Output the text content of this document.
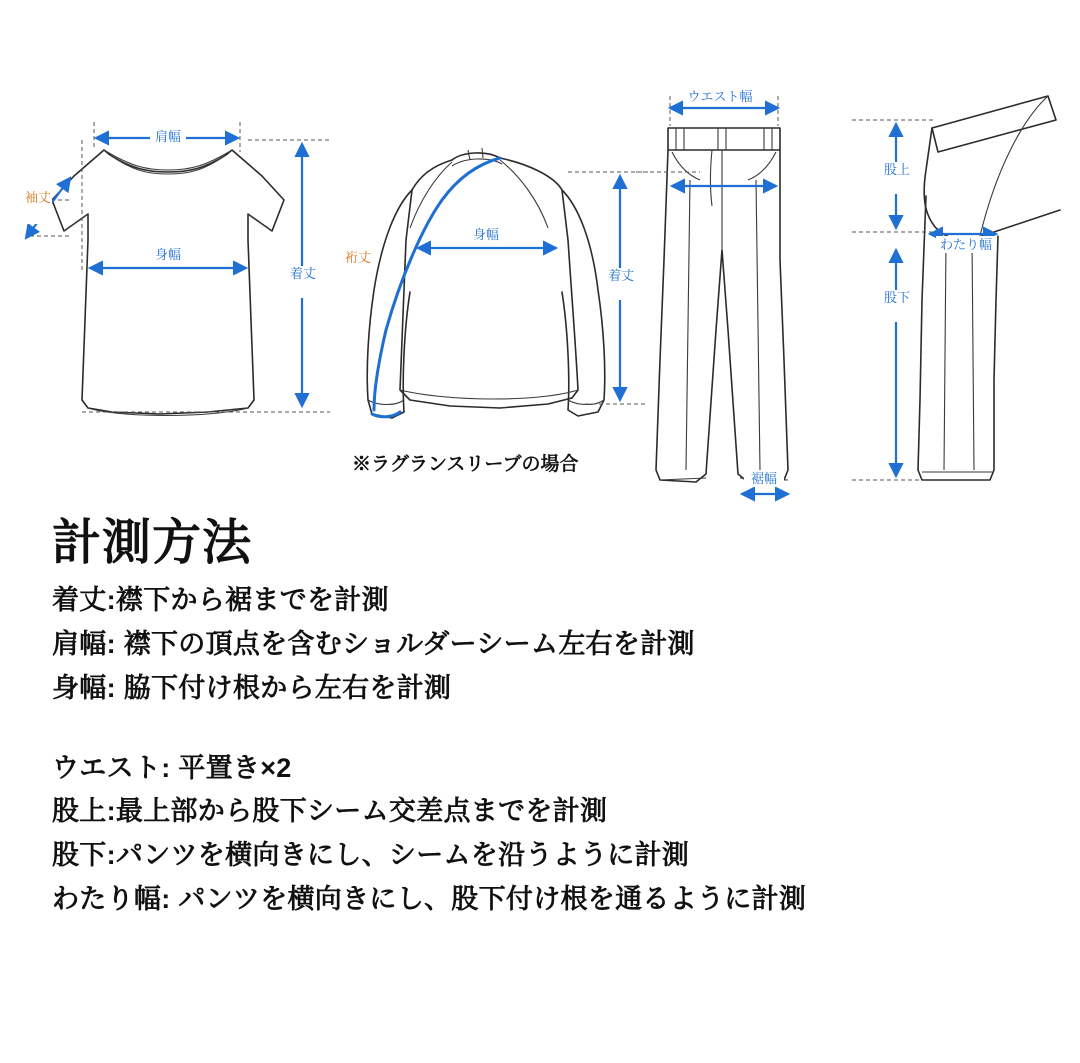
肩幅
身幅
着丈
袖丈
身幅
着丈
裄丈
※ラグランスリーブの場合
ウエスト幅
裾幅
股上
股下
わたり幅
計測方法
着丈:襟下から裾までを計測
肩幅: 襟下の頂点を含むショルダーシーム左右を計測
身幅: 脇下付け根から左右を計測
ウエスト: 平置き×2
股上:最上部から股下シーム交差点までを計測
股下:パンツを横向きにし、シームを沿うように計測
わたり幅: パンツを横向きにし、股下付け根を通るように計測
